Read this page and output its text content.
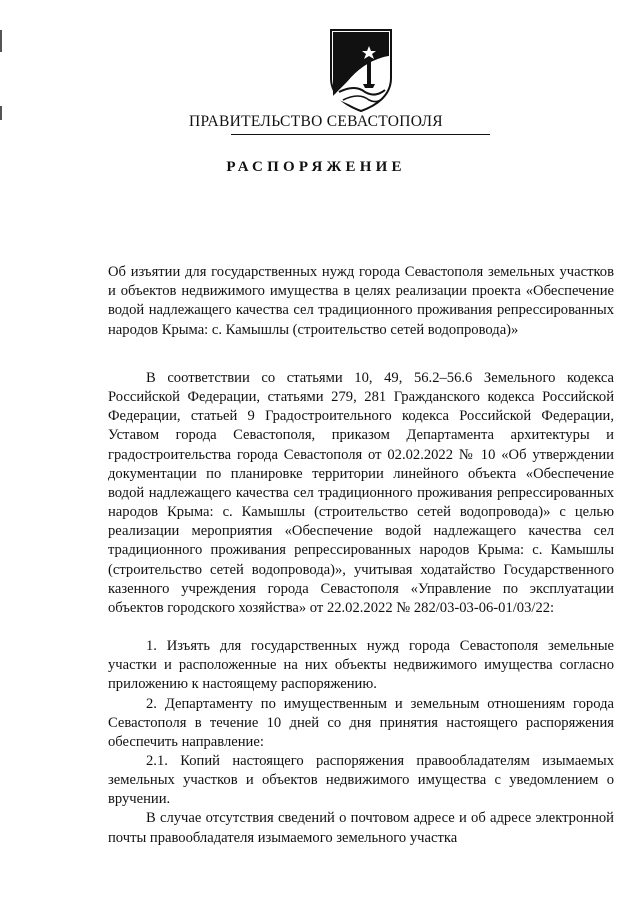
ПРАВИТЕЛЬСТВО СЕВАСТОПОЛЯ
РАСПОРЯЖЕНИЕ
Об изъятии для государственных нужд города Севастополя земельных участков и объектов недвижимого имущества в целях реализации проекта «Обеспечение водой надлежащего качества сел традиционного проживания репрессированных народов Крыма: с. Камышлы (строительство сетей водопровода)»

В соответствии со статьями 10, 49, 56.2–56.6 Земельного кодекса Российской Федерации, статьями 279, 281 Гражданского кодекса Российской Федерации, статьей 9 Градостроительного кодекса Российской Федерации, Уставом города Севастополя, приказом Департамента архитектуры и градостроительства города Севастополя от 02.02.2022 № 10 «Об утверждении документации по планировке территории линейного объекта «Обеспечение водой надлежащего качества сел традиционного проживания репрессированных народов Крыма: с. Камышлы (строительство сетей водопровода)» с целью реализации мероприятия «Обеспечение водой надлежащего качества сел традиционного проживания репрессированных народов Крыма: с. Камышлы (строительство сетей водопровода)», учитывая ходатайство Государственного казенного учреждения города Севастополя «Управление по эксплуатации объектов городского хозяйства» от 22.02.2022 № 282/03-03-06-01/03/22:

1. Изъять для государственных нужд города Севастополя земельные участки и расположенные на них объекты недвижимого имущества согласно приложению к настоящему распоряжению.

2. Департаменту по имущественным и земельным отношениям города Севастополя в течение 10 дней со дня принятия настоящего распоряжения обеспечить направление:

2.1. Копий настоящего распоряжения правообладателям изымаемых земельных участков и объектов недвижимого имущества с уведомлением о вручении.

В случае отсутствия сведений о почтовом адресе и об адресе электронной почты правообладателя изымаемого земельного участка
